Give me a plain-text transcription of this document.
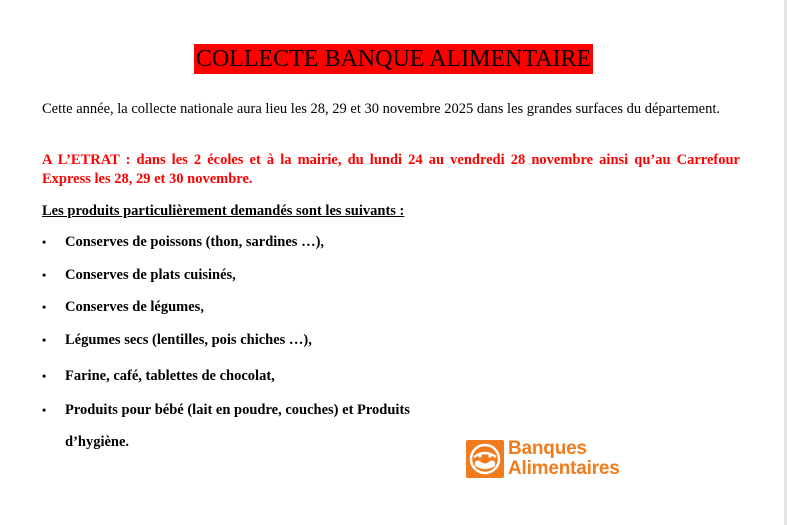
COLLECTE BANQUE ALIMENTAIRE
Cette année, la collecte nationale aura lieu les 28, 29 et 30 novembre 2025 dans les grandes surfaces du département.
A L’ETRAT : dans les 2 écoles et à la mairie, du lundi 24 au vendredi 28 novembre ainsi qu’au Carrefour Express les 28, 29 et 30 novembre.
Les produits particulièrement demandés sont les suivants :
• Conserves de poissons (thon, sardines …),
• Conserves de plats cuisinés,
• Conserves de légumes,
• Légumes secs (lentilles, pois chiches …),
• Farine, café, tablettes de chocolat,
• Produits pour bébé (lait en poudre, couches) et Produits
d’hygiène.	Banques
Alimentaires
